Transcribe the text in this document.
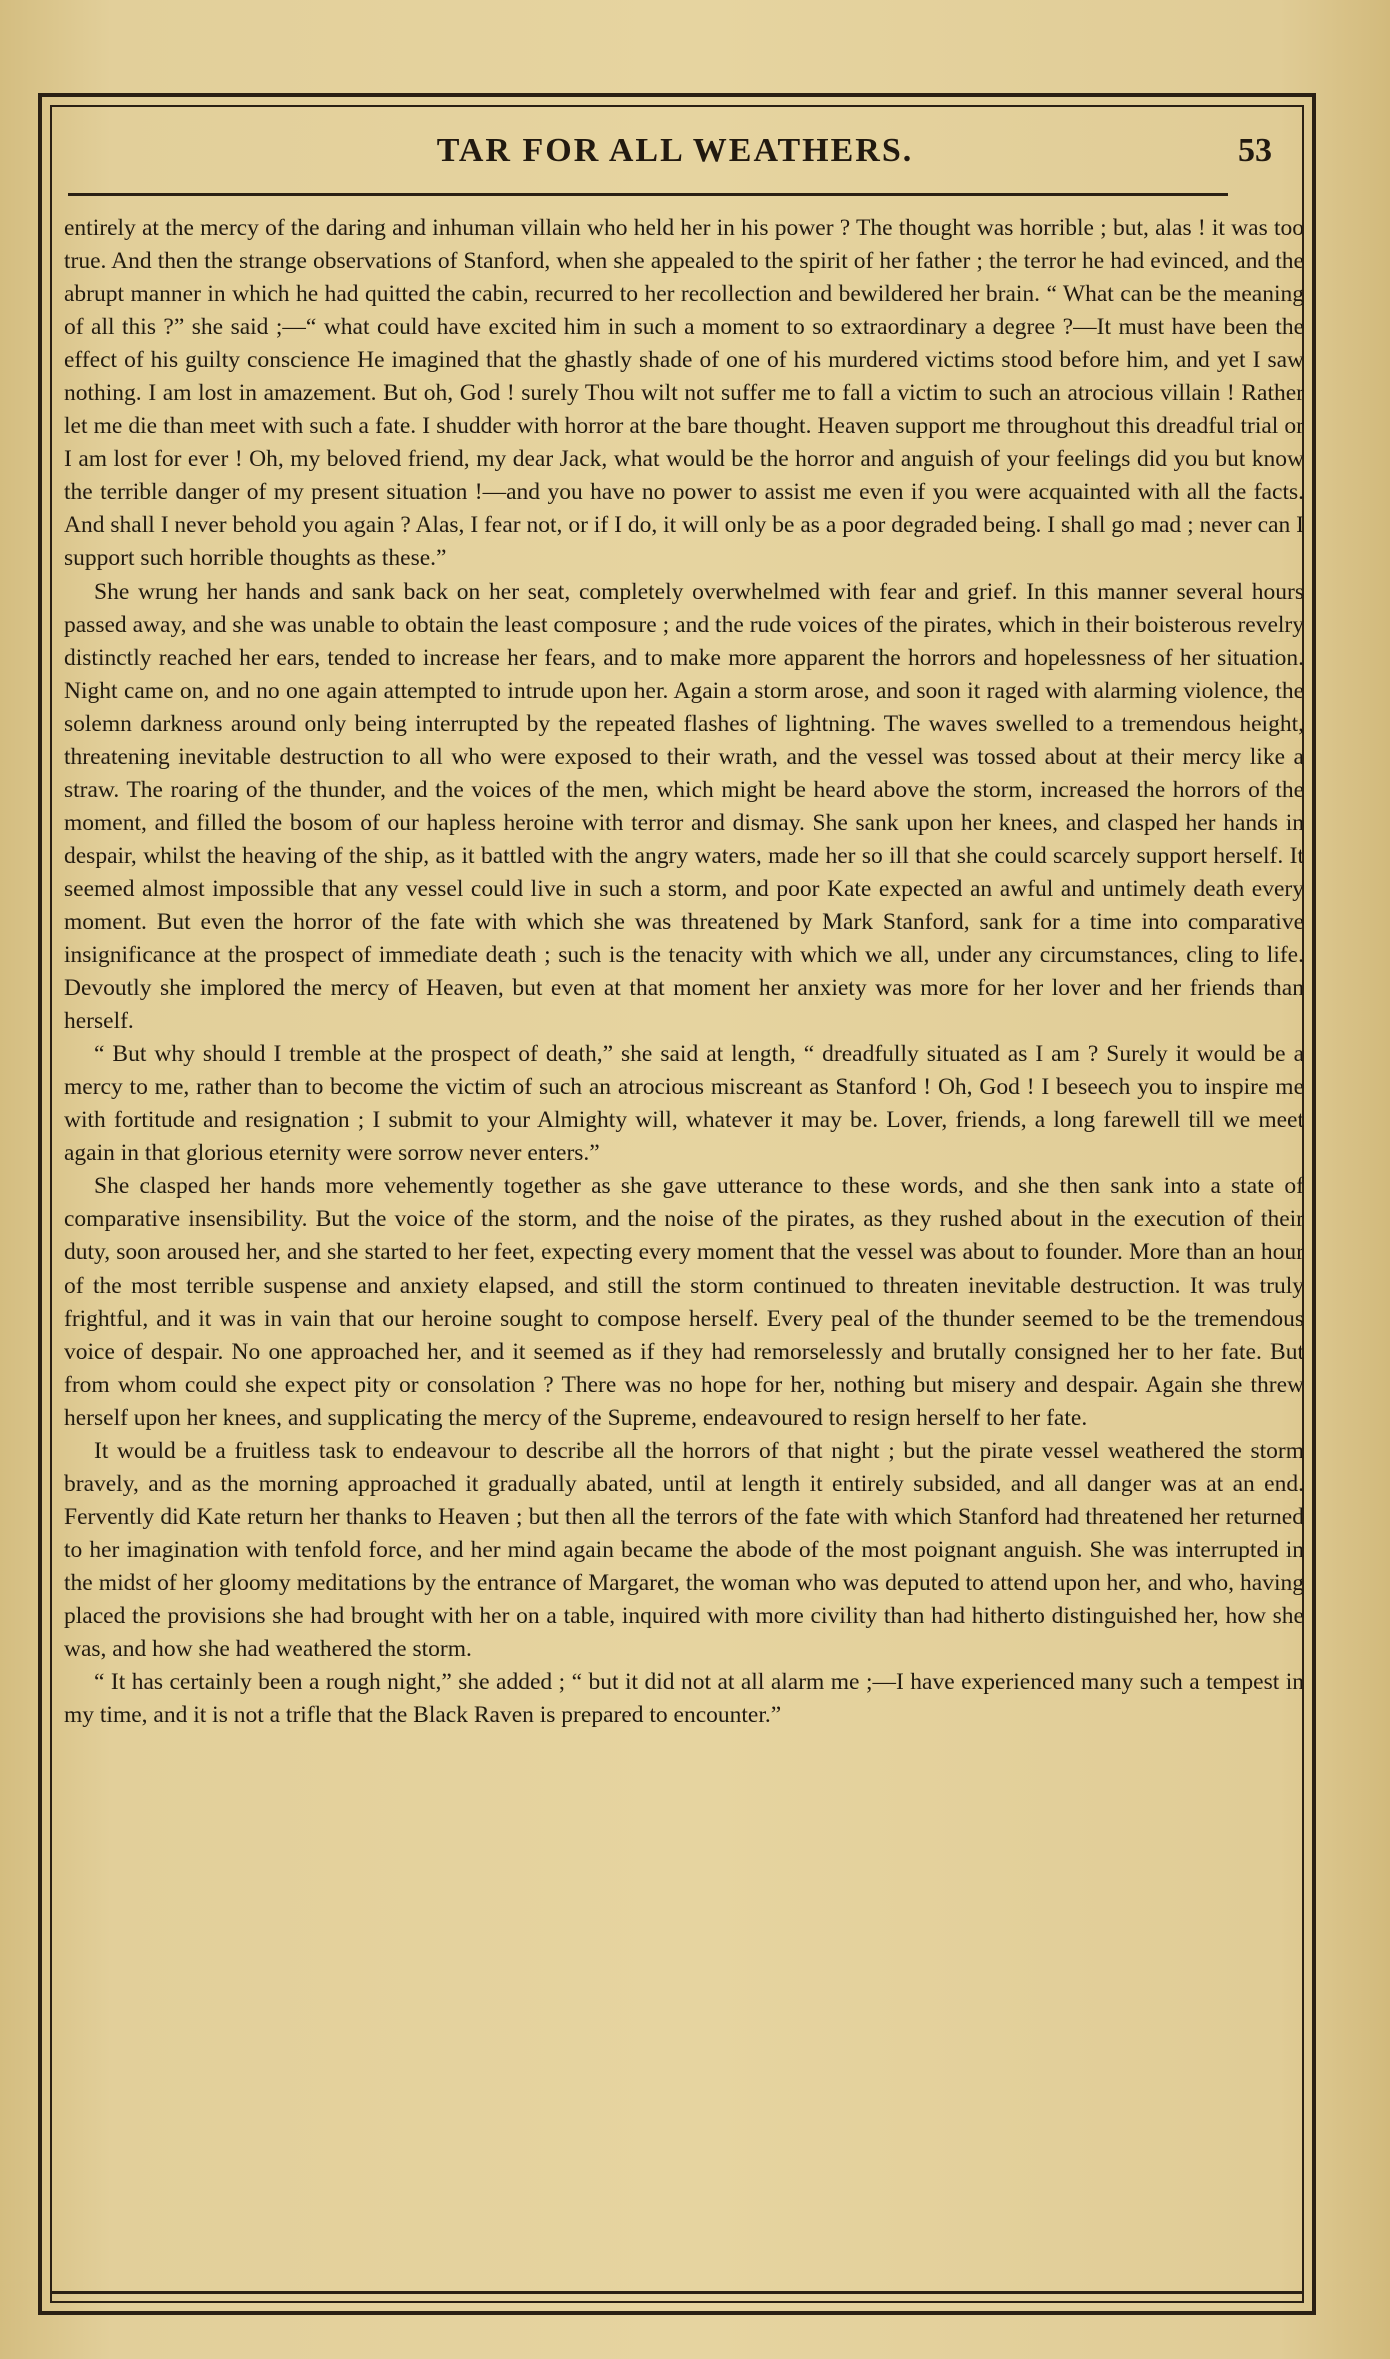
TAR FOR ALL WEATHERS.	53

entirely at the mercy of the daring and inhuman villain who held her in his power ? The thought was horrible ; but, alas ! it was too true. And then the strange observations of Stanford, when she appealed to the spirit of her father ; the terror he had evinced, and the abrupt manner in which he had quitted the cabin, recurred to her recollection and bewildered her brain. “ What can be the meaning of all this ?” she said ;—“ what could have excited him in such a moment to so extraordinary a degree ?—It must have been the effect of his guilty conscience He imagined that the ghastly shade of one of his murdered victims stood before him, and yet I saw nothing. I am lost in amazement. But oh, God ! surely Thou wilt not suffer me to fall a victim to such an atrocious villain ! Rather let me die than meet with such a fate. I shudder with horror at the bare thought. Heaven support me throughout this dreadful trial or I am lost for ever ! Oh, my beloved friend, my dear Jack, what would be the horror and anguish of your feelings did you but know the terrible danger of my present situation !—and you have no power to assist me even if you were acquainted with all the facts. And shall I never behold you again ? Alas, I fear not, or if I do, it will only be as a poor degraded being. I shall go mad ; never can I support such horrible thoughts as these.”

She wrung her hands and sank back on her seat, completely overwhelmed with fear and grief. In this manner several hours passed away, and she was unable to obtain the least composure ; and the rude voices of the pirates, which in their boisterous revelry distinctly reached her ears, tended to increase her fears, and to make more apparent the horrors and hopelessness of her situation. Night came on, and no one again attempted to intrude upon her. Again a storm arose, and soon it raged with alarming violence, the solemn darkness around only being interrupted by the repeated flashes of lightning. The waves swelled to a tremendous height, threatening inevitable destruction to all who were exposed to their wrath, and the vessel was tossed about at their mercy like a straw. The roaring of the thunder, and the voices of the men, which might be heard above the storm, increased the horrors of the moment, and filled the bosom of our hapless heroine with terror and dismay. She sank upon her knees, and clasped her hands in despair, whilst the heaving of the ship, as it battled with the angry waters, made her so ill that she could scarcely support herself. It seemed almost impossible that any vessel could live in such a storm, and poor Kate expected an awful and untimely death every moment. But even the horror of the fate with which she was threatened by Mark Stanford, sank for a time into comparative insignificance at the prospect of immediate death ; such is the tenacity with which we all, under any circumstances, cling to life. Devoutly she implored the mercy of Heaven, but even at that moment her anxiety was more for her lover and her friends than herself.

“ But why should I tremble at the prospect of death,” she said at length, “ dreadfully situated as I am ? Surely it would be a mercy to me, rather than to become the victim of such an atrocious miscreant as Stanford ! Oh, God ! I beseech you to inspire me with fortitude and resignation ; I submit to your Almighty will, whatever it may be. Lover, friends, a long farewell till we meet again in that glorious eternity were sorrow never enters.”

She clasped her hands more vehemently together as she gave utterance to these words, and she then sank into a state of comparative insensibility. But the voice of the storm, and the noise of the pirates, as they rushed about in the execution of their duty, soon aroused her, and she started to her feet, expecting every moment that the vessel was about to founder. More than an hour of the most terrible suspense and anxiety elapsed, and still the storm continued to threaten inevitable destruction. It was truly frightful, and it was in vain that our heroine sought to compose herself. Every peal of the thunder seemed to be the tremendous voice of despair. No one approached her, and it seemed as if they had remorselessly and brutally consigned her to her fate. But from whom could she expect pity or consolation ? There was no hope for her, nothing but misery and despair. Again she threw herself upon her knees, and supplicating the mercy of the Supreme, endeavoured to resign herself to her fate.

It would be a fruitless task to endeavour to describe all the horrors of that night ; but the pirate vessel weathered the storm bravely, and as the morning approached it gradually abated, until at length it entirely subsided, and all danger was at an end. Fervently did Kate return her thanks to Heaven ; but then all the terrors of the fate with which Stanford had threatened her returned to her imagination with tenfold force, and her mind again became the abode of the most poignant anguish. She was interrupted in the midst of her gloomy meditations by the entrance of Margaret, the woman who was deputed to attend upon her, and who, having placed the provisions she had brought with her on a table, inquired with more civility than had hitherto distinguished her, how she was, and how she had weathered the storm.

“ It has certainly been a rough night,” she added ; “ but it did not at all alarm me ;—I have experienced many such a tempest in my time, and it is not a trifle that the Black Raven is prepared to encounter.”
